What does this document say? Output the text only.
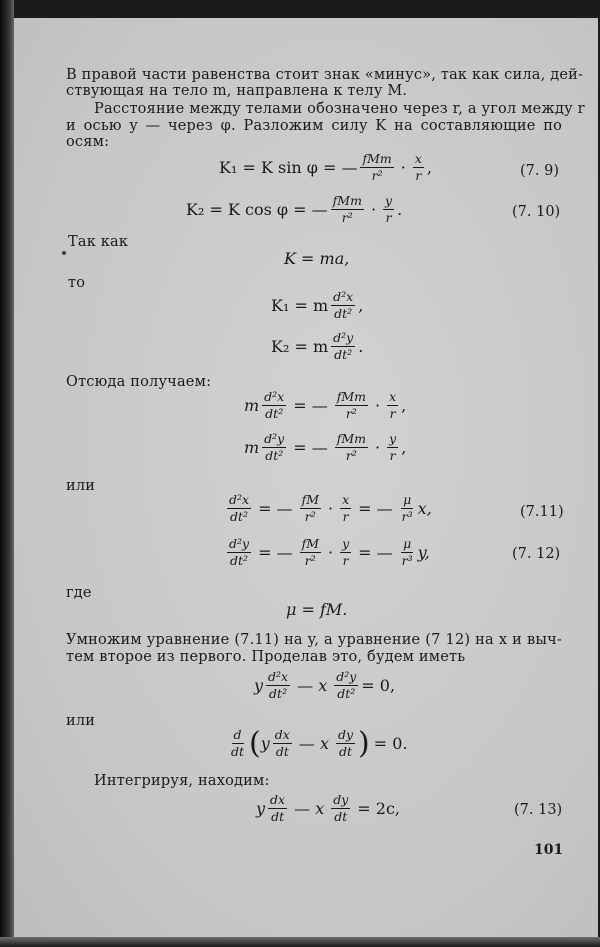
В правой части равенства стоит знак «минус», так как сила, дей-
ствующая на тело m, направлена к телу M.
Расстояние между телами обозначено через r, а угол между r
и осью y — через φ. Разложим силу K на составляющие по
осям:
K₁ = K sin φ = — $\frac{\text{fMm}}{\text{r²}} \cdot \frac{x}{r}$ ,	(7. 9)
K₂ = K cos φ = — $\frac{\text{fMm}}{\text{r²}} \cdot \frac{y}{r}$ .	(7. 10)
Так как
K = ma,
то
K₁ = m $\frac{\text{d²x}}{\text{dt²}}$ ,
K₂ = m $\frac{\text{d²y}}{\text{dt²}}$ .
Отсюда получаем:
m $\frac{\text{d²x}}{\text{dt²}}$ = — $\frac{\text{fMm}}{\text{r²}} \cdot \frac{x}{r}$ ,
m $\frac{\text{d²y}}{\text{dt²}}$ = — $\frac{\text{fMm}}{\text{r²}} \cdot \frac{y}{r}$ ,
или
$\frac{\text{d²x}}{\text{dt²}}$ = — $\frac{fM}{\text{r²}} \cdot \frac{x}{r}$ = — $\frac{\mu}{\text{r³}} x$,	(7.11)
$\frac{\text{d²y}}{\text{dt²}}$ = — $\frac{fM}{\text{r²}} \cdot \frac{y}{r}$ = — $\frac{\mu}{\text{r³}} y$,	(7. 12)
где
μ = fM.
Умножим уравнение (7.11) на y, а уравнение (7 12) на x и выч-
тем второе из первого. Проделав это, будем иметь
y $\frac{\text{d²x}}{\text{dt²}}$ — x $\frac{\text{d²y}}{\text{dt²}} = 0$,
или
$\frac{d}{dt}$ ( y $\frac{dx}{dt}$ — x $\frac{dy}{dt}$ ) = 0.
Интегрируя, находим:
y $\frac{dx}{dt}$ — x $\frac{dy}{dt} = 2c$,	(7. 13)
101
